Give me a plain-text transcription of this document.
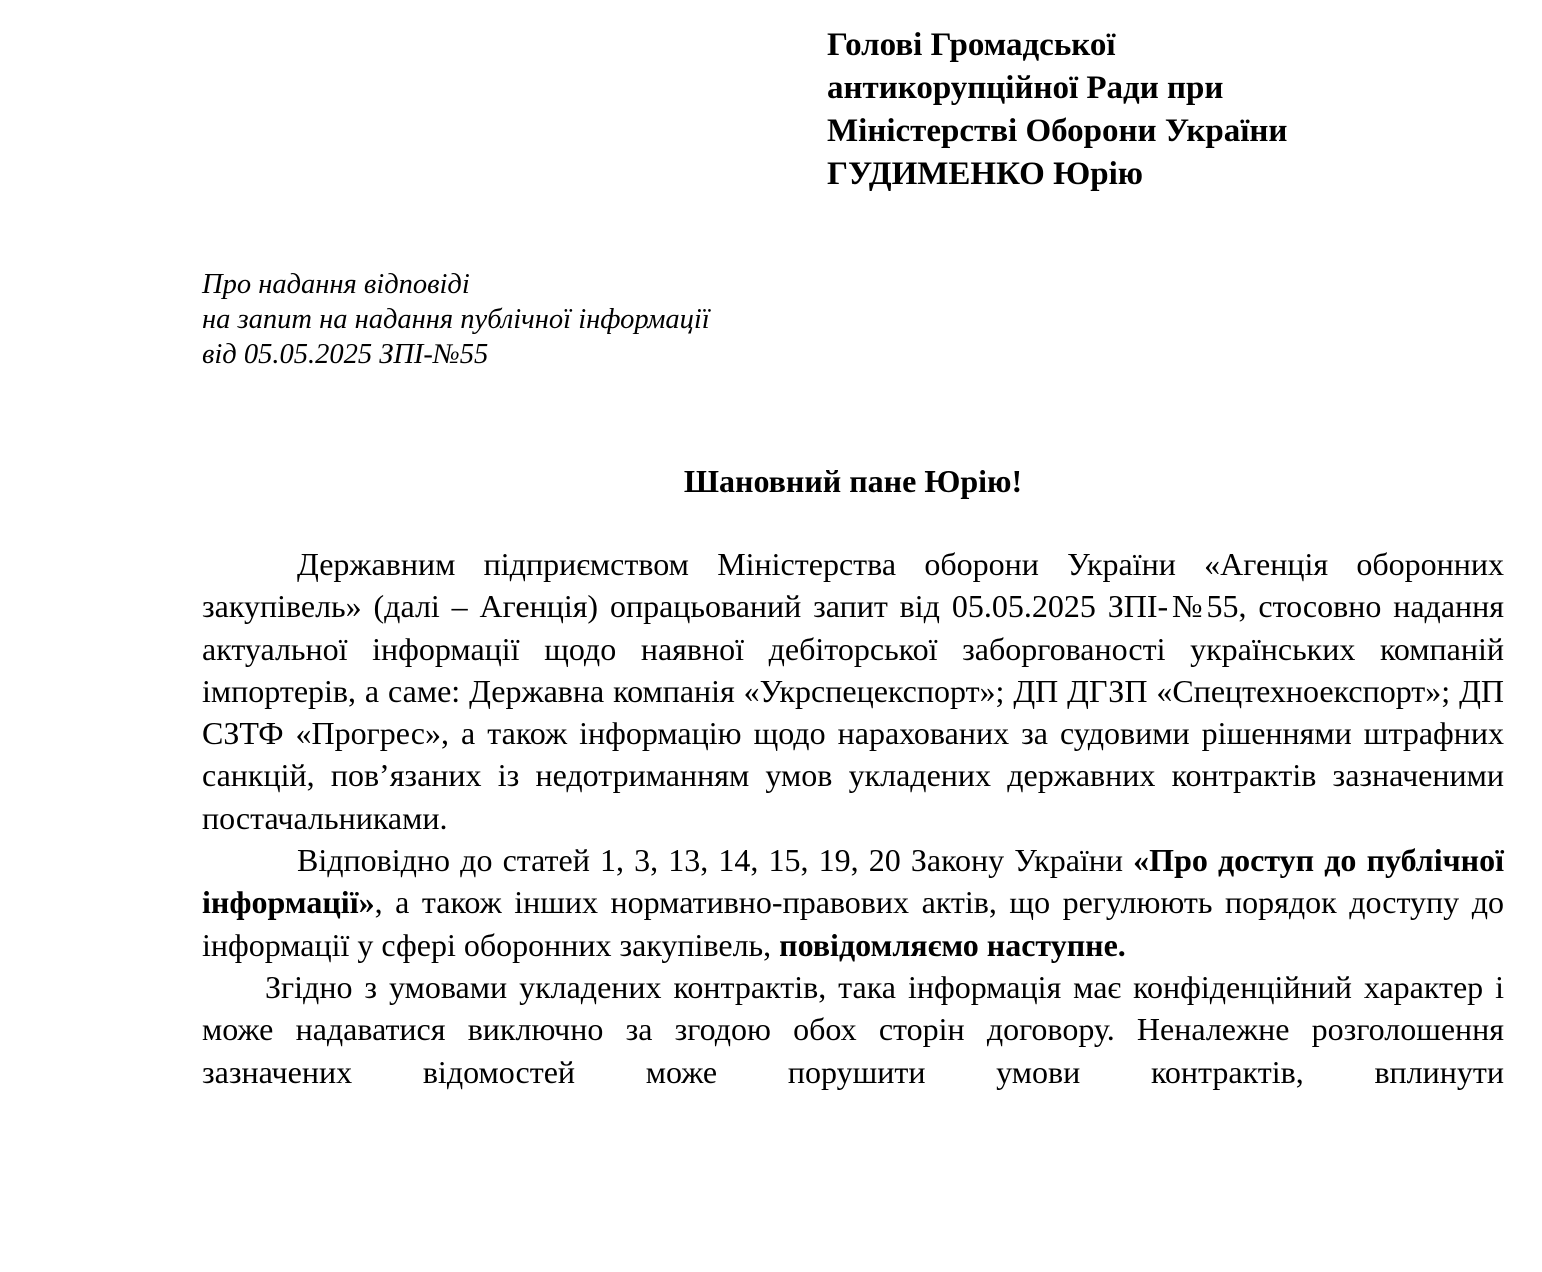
Голові Громадської
антикорупційної Ради при
Міністерстві Оборони України
ГУДИМЕНКО Юрію
Про надання відповіді
на запит на надання публічної інформації
від 05.05.2025 ЗПІ-№55
Шановний пане Юрію!

Державним підприємством Міністерства оборони України «Агенція оборонних закупівель» (далі – Агенція) опрацьований запит від 05.05.2025 ЗПІ-№55, стосовно надання актуальної інформації щодо наявної дебіторської заборгованості українських компаній імпортерів, а саме: Державна компанія «Укрспецекспорт»; ДП ДГЗП «Спецтехноекспорт»; ДП СЗТФ «Прогрес», а також інформацію щодо нарахованих за судовими рішеннями штрафних санкцій, пов’язаних із недотриманням умов укладених державних контрактів зазначеними постачальниками.

Відповідно до статей 1, 3, 13, 14, 15, 19, 20 Закону України «Про доступ до публічної інформації», а також інших нормативно-правових актів, що регулюють порядок доступу до інформації у сфері оборонних закупівель, повідомляємо наступне.

Згідно з умовами укладених контрактів, така інформація має конфіденційний характер і може надаватися виключно за згодою обох сторін договору. Неналежне розголошення зазначених відомостей може порушити умови контрактів, вплинути
